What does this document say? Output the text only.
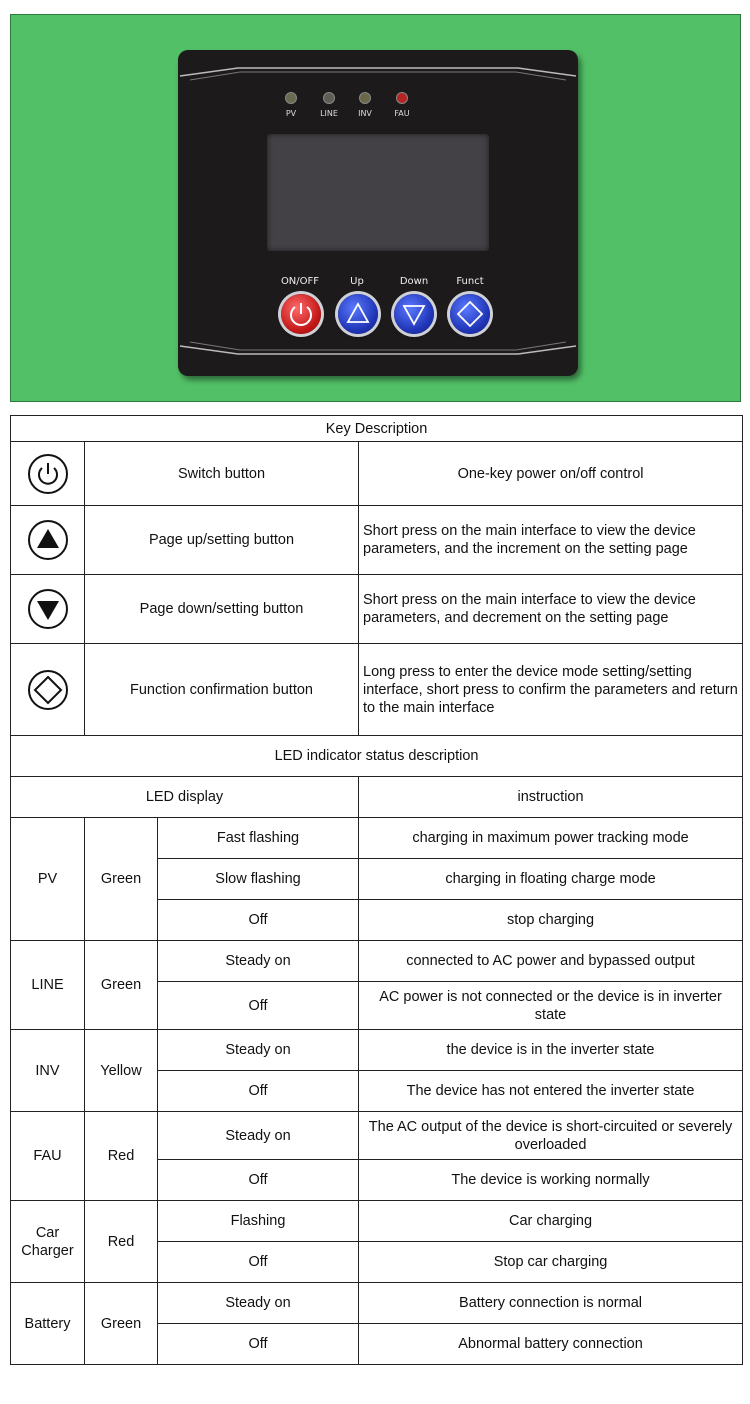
PV	LINE	INV	FAU
ON/OFF	Up	Down	Funct
Key Description			

	Switch button		One-key power on/off control

	Page up/setting button		Short press on the main interface to view the device parameters, and the increment on the setting page

	Page down/setting button		Short press on the main interface to view the device parameters, and decrement on the setting page

	Function confirmation button		Long press to enter the device mode setting/setting interface, short press to confirm the parameters and return to the main interface
LED indicator status description			
LED display			instruction
PV	Green	Fast flashing	charging in maximum power tracking mode
		Slow flashing	charging in floating charge mode
		Off	stop charging
LINE	Green	Steady on	connected to AC power and bypassed output
		Off	AC power is not connected or the device is in inverter state
INV	Yellow	Steady on	the device is in the inverter state
		Off	The device has not entered the inverter state
FAU	Red	Steady on	The AC output of the device is short-circuited or severely overloaded
		Off	The device is working normally
Car Charger	Red	Flashing	Car charging
		Off	Stop car charging
Battery	Green	Steady on	Battery connection is normal
		Off	Abnormal battery connection
